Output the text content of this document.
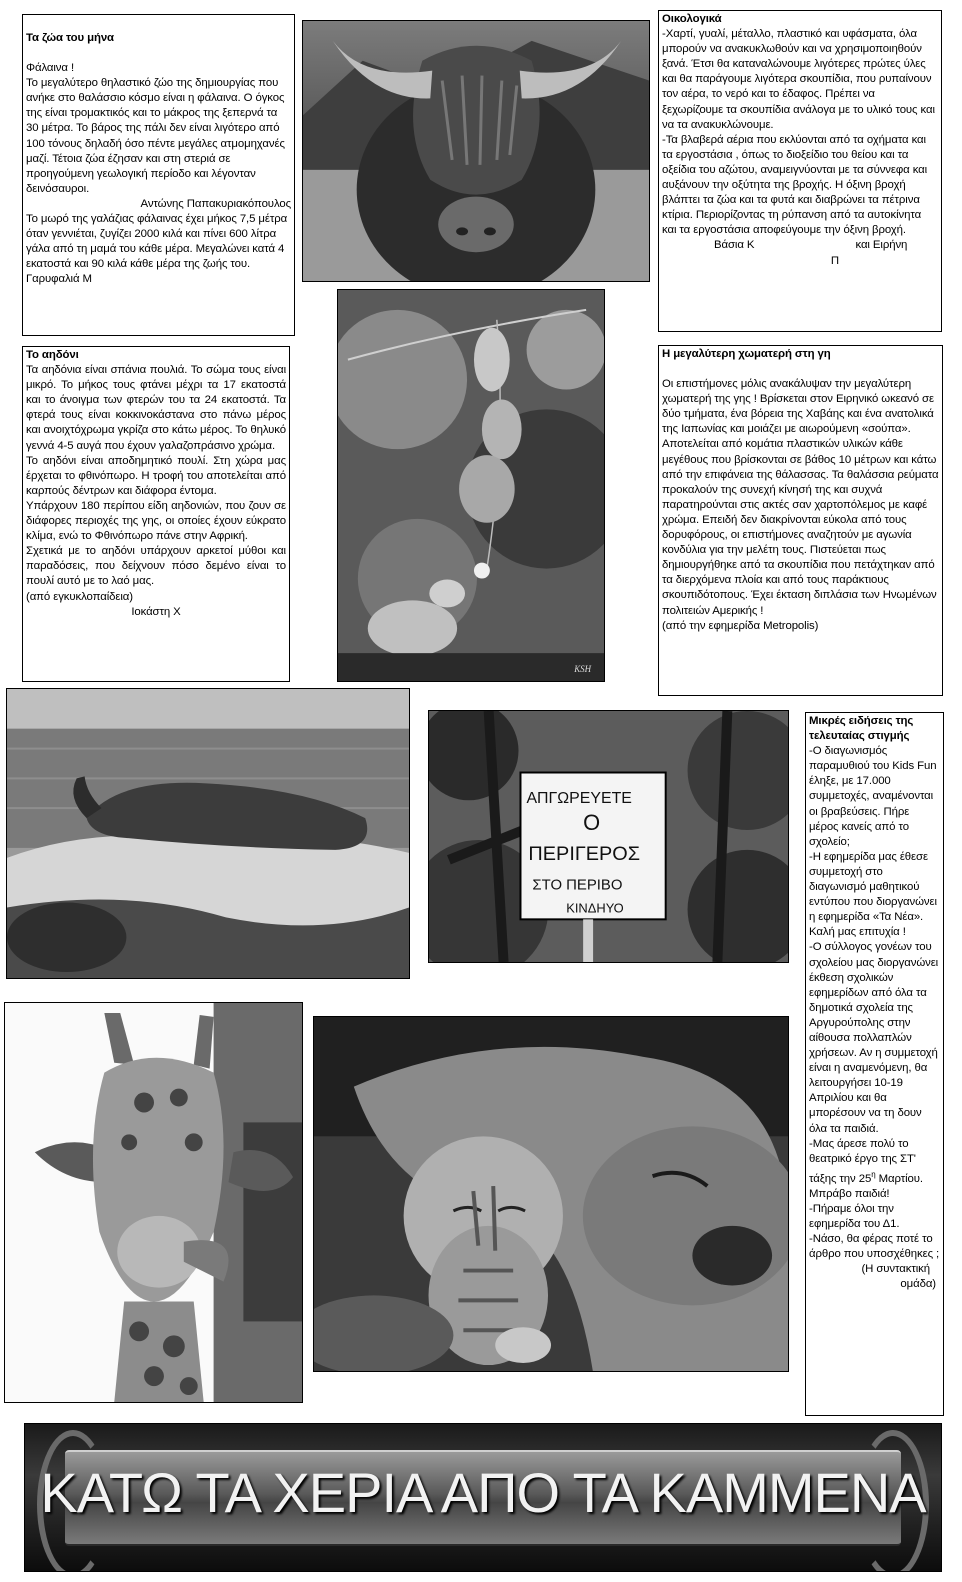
Τα ζώα του μήνα

Φάλαινα !

Το μεγαλύτερο θηλαστικό ζώο της δημιουργίας που ανήκε στο θαλάσσιο κόσμο είναι η φάλαινα. Ο όγκος της είναι τρομακτικός και το μάκρος της ξεπερνά τα 30 μέτρα. Το βάρος της πάλι δεν είναι λιγότερο από 100 τόνους δηλαδή όσο πέντε μεγάλες ατμομηχανές μαζί. Τέτοια ζώα έζησαν και στη στεριά σε προηγούμενη γεωλογική περίοδο και λέγονταν δεινόσαυροι.

Αντώνης Παπακυριακόπουλος

Το μωρό της γαλάζιας φάλαινας έχει μήκος 7,5 μέτρα όταν γεννιέται, ζυγίζει 2000 κιλά και πίνει 600 λίτρα γάλα από τη μαμά του κάθε μέρα. Μεγαλώνει κατά 4 εκατοστά και 90 κιλά κάθε μέρα της ζωής του.

Γαρυφαλιά Μ

Οικολογικά

-Χαρτί, γυαλί, μέταλλο, πλαστικό και υφάσματα, όλα μπορούν να ανακυκλωθούν και να χρησιμοποιηθούν ξανά. Έτσι θα καταναλώνουμε λιγότερες πρώτες ύλες και θα παράγουμε λιγότερα σκουπίδια, που ρυπαίνουν τον αέρα, το νερό και το έδαφος. Πρέπει να ξεχωρίζουμε τα σκουπίδια ανάλογα με το υλικό τους και να τα ανακυκλώνουμε.

-Τα βλαβερά αέρια που εκλύονται από τα οχήματα και τα εργοστάσια , όπως το διοξείδιο του θείου και τα οξείδια του αζώτου, αναμειγνύονται με τα σύννεφα και αυξάνουν την οξύτητα της βροχής. Η όξινη βροχή βλάπτει τα ζώα και τα φυτά και διαβρώνει τα πέτρινα κτίρια. Περιορίζοντας τη ρύπανση από τα αυτοκίνητα και τα εργοστάσια αποφεύγουμε την όξινη βροχή.

Βάσια Κ	και Ειρήνη

Π

Το αηδόνι

Τα αηδόνια είναι σπάνια πουλιά. Το σώμα τους είναι μικρό. Το μήκος τους φτάνει μέχρι τα 17 εκατοστά και το άνοιγμα των φτερών του τα 24 εκατοστά. Τα φτερά τους είναι κοκκινοκάστανα στο πάνω μέρος και ανοιχτόχρωμα γκρίζα στο κάτω μέρος. Το θηλυκό γεννά 4-5 αυγά που έχουν γαλαζοπράσινο χρώμα.

Το αηδόνι είναι αποδημητικό πουλί. Στη χώρα μας έρχεται το φθινόπωρο. Η τροφή του αποτελείται από καρπούς δέντρων και διάφορα έντομα.

Υπάρχουν 180 περίπου είδη αηδονιών, που ζουν σε διάφορες περιοχές της γης, οι οποίες έχουν εύκρατο κλίμα, ενώ το Φθινόπωρο πάνε στην Αφρική.

Σχετικά με το αηδόνι υπάρχουν αρκετοί μύθοι και παραδόσεις, που δείχνουν πόσο δεμένο είναι το πουλί αυτό με το λαό μας.

(από εγκυκλοπαίδεια)

Ιοκάστη Χ

KSH

Η μεγαλύτερη χωματερή στη γη

Οι επιστήμονες μόλις ανακάλυψαν την μεγαλύτερη χωματερή της γης ! Βρίσκεται στον Ειρηνικό ωκεανό σε δύο τμήματα, ένα βόρεια της Χαβάης και ένα ανατολικά της Ιαπωνίας και μοιάζει με αιωρούμενη «σούπα». Αποτελείται από κομάτια πλαστικών υλικών κάθε μεγέθους που βρίσκονται σε βάθος 10 μέτρων και κάτω από την επιφάνεια της θάλασσας. Τα θαλάσσια ρεύματα προκαλούν της συνεχή κίνησή της και συχνά παρατηρούνται στις ακτές σαν χαρτοπόλεμος με καφέ χρώμα. Επειδή δεν διακρίνονται εύκολα από τους δορυφόρους, οι επιστήμονες αναζητούν με αγωνία κονδύλια για την μελέτη τους. Πιστεύεται πως δημιουργήθηκε από τα σκουπίδια που πετάχτηκαν από τα διερχόμενα πλοία και από τους παράκτιους σκουπιδότοπους. Έχει έκταση διπλάσια των Ηνωμένων πολιτειών Αμερικής !

(από την εφημερίδα Metropolis)

ΑΠΓΩΡΕΥΕΤΕ
Ο
ΠΕΡΙΓΕΡΟΣ
ΣΤΟ ΠΕΡΙΒΟ
ΚΙΝΔΗΥΟ

Μικρές ειδήσεις της τελευταίας στιγμής

-Ο διαγωνισμός παραμυθιού του Kids Fun έληξε, με 17.000 συμμετοχές, αναμένονται οι βραβεύσεις. Πήρε μέρος κανείς από το σχολείο;

-Η εφημερίδα μας έθεσε συμμετοχή στο διαγωνισμό μαθητικού εντύπου που διοργανώνει η εφημερίδα «Τα Νέα». Καλή μας επιτυχία !

-Ο σύλλογος γονέων του σχολείου μας διοργανώνει έκθεση σχολικών εφημερίδων από όλα τα δημοτικά σχολεία της Αργυρούπολης στην αίθουσα πολλαπλών χρήσεων. Αν η συμμετοχή είναι η αναμενόμενη, θα λειτουργήσει 10-19 Απριλίου και θα μπορέσουν να τη δουν όλα τα παιδιά.

-Μας άρεσε πολύ το θεατρικό έργο της ΣΤ' τάξης την $25^\eta$ Μαρτίου. Μπράβο παιδιά!

-Πήραμε όλοι την εφημερίδα του Δ1.

-Νάσο, θα φέρας ποτέ το άρθρο που υποσχέθηκες ;

(Η συντακτική

ομάδα)

ΚΑΤΩ ΤΑ ΧΕΡΙΑ ΑΠΟ ΤΑ ΚΑΜΜΕΝΑ
